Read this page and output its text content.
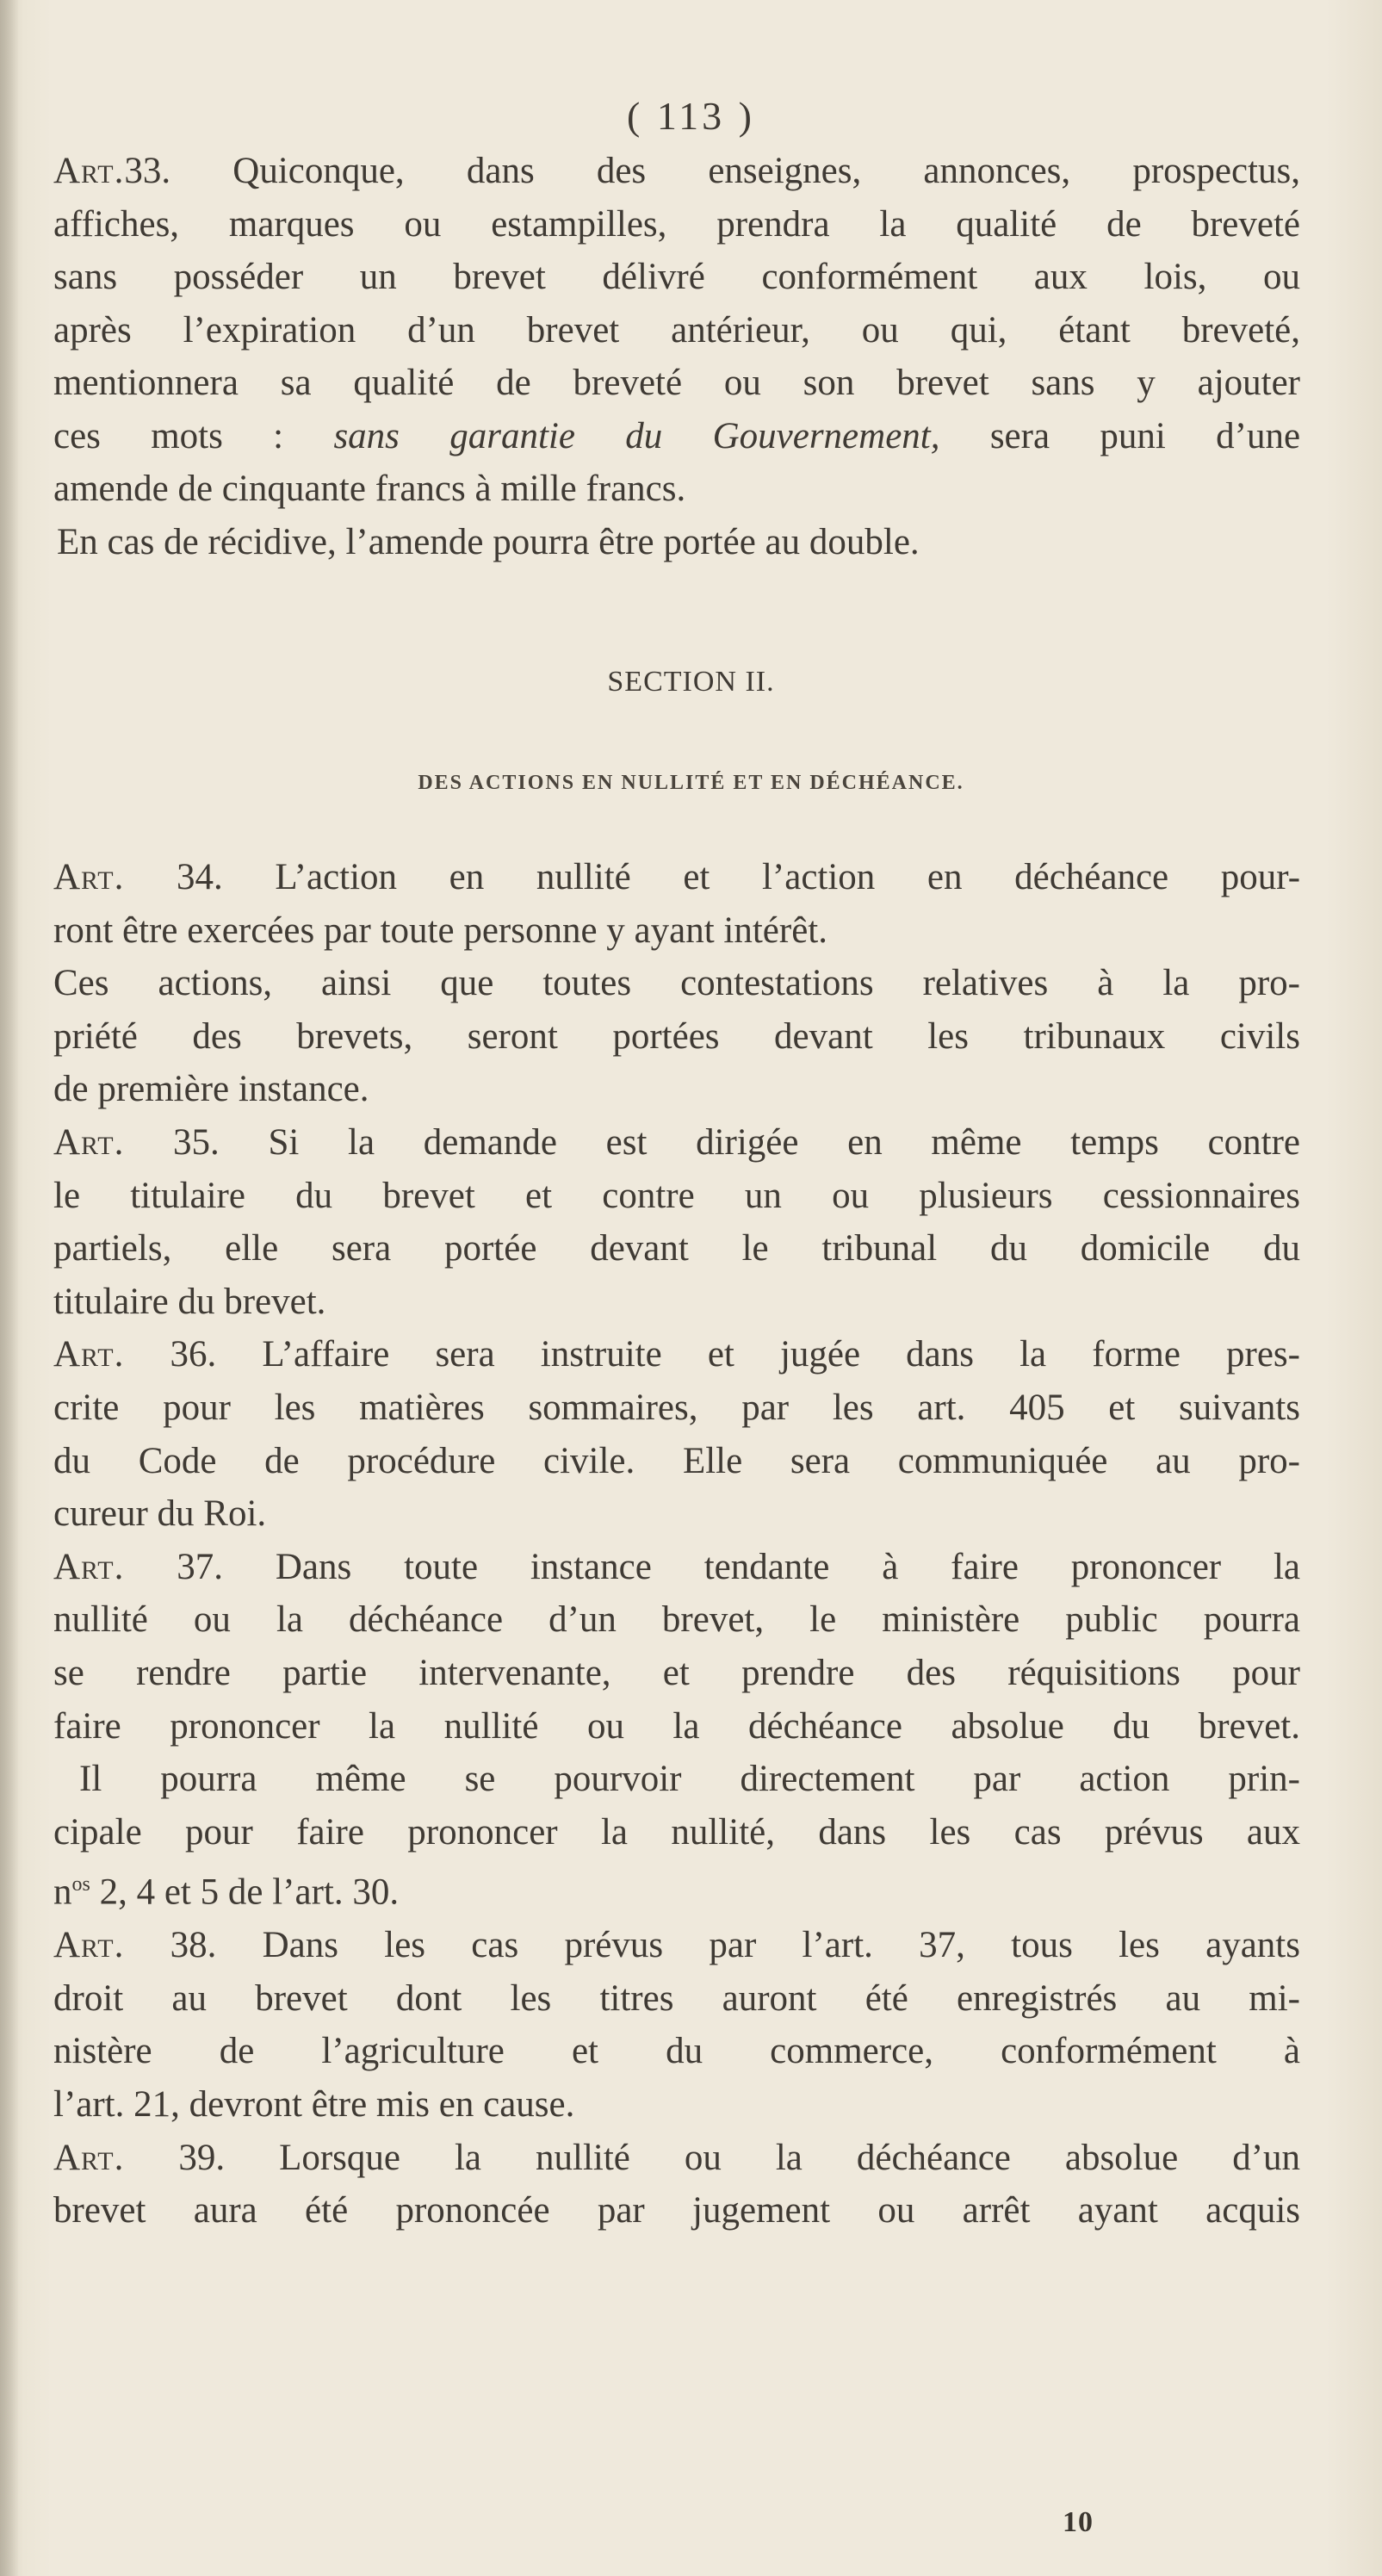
( 113 )
Art.33. Quiconque, dans des enseignes, annonces, prospectus,
affiches, marques ou estampilles, prendra la qualité de breveté
sans posséder un brevet délivré conformément aux lois, ou
après l’expiration d’un brevet antérieur, ou qui, étant breveté,
mentionnera sa qualité de breveté ou son brevet sans y ajouter
ces mots : sans garantie du Gouvernement, sera puni d’une
amende de cinquante francs à mille francs.
En cas de récidive, l’amende pourra être portée au double.
SECTION II.
DES ACTIONS EN NULLITÉ ET EN DÉCHÉANCE.
Art. 34. L’action en nullité et l’action en déchéance pour-
ront être exercées par toute personne y ayant intérêt.
Ces actions, ainsi que toutes contestations relatives à la pro-
priété des brevets, seront portées devant les tribunaux civils
de première instance.
Art. 35. Si la demande est dirigée en même temps contre
le titulaire du brevet et contre un ou plusieurs cessionnaires
partiels, elle sera portée devant le tribunal du domicile du
titulaire du brevet.
Art. 36. L’affaire sera instruite et jugée dans la forme pres-
crite pour les matières sommaires, par les art. 405 et suivants
du Code de procédure civile. Elle sera communiquée au pro-
cureur du Roi.
Art. 37. Dans toute instance tendante à faire prononcer la
nullité ou la déchéance d’un brevet, le ministère public pourra
se rendre partie intervenante, et prendre des réquisitions pour
faire prononcer la nullité ou la déchéance absolue du brevet.
Il pourra même se pourvoir directement par action prin-
cipale pour faire prononcer la nullité, dans les cas prévus aux
$n^{os}$ 2, 4 et 5 de l’art. 30.
Art. 38. Dans les cas prévus par l’art. 37, tous les ayants
droit au brevet dont les titres auront été enregistrés au mi-
nistère de l’agriculture et du commerce, conformément à
l’art. 21, devront être mis en cause.
Art. 39. Lorsque la nullité ou la déchéance absolue d’un
brevet aura été prononcée par jugement ou arrêt ayant acquis
10
